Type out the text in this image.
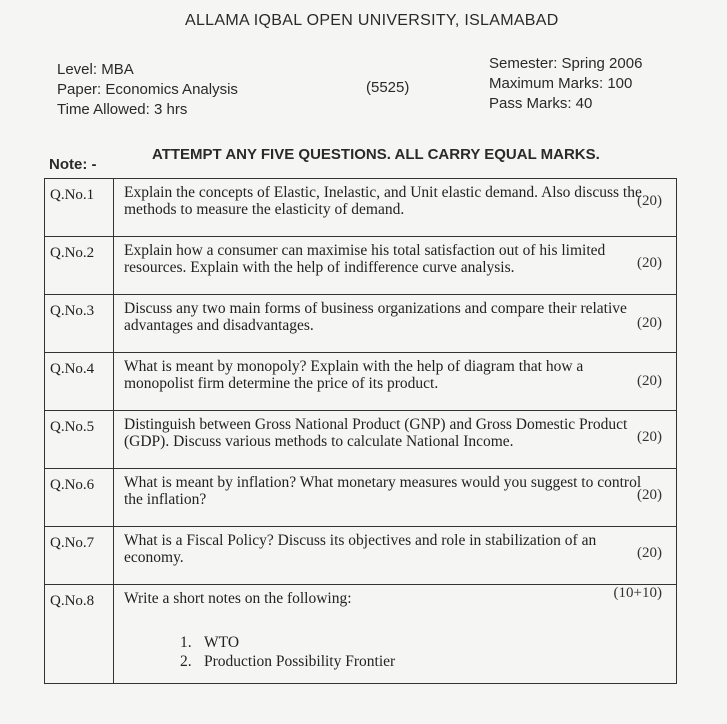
ALLAMA IQBAL OPEN UNIVERSITY, ISLAMABAD
Level: MBA
Paper: Economics Analysis
Time Allowed: 3 hrs
(5525)
Semester: Spring 2006
Maximum Marks: 100
Pass Marks: 40
Note: -
ATTEMPT ANY FIVE QUESTIONS. ALL CARRY EQUAL MARKS.
Q.No.1	Explain the concepts of Elastic, Inelastic, and Unit elastic demand. Also discuss the methods to measure the elasticity of demand.	(20)
Q.No.2	Explain how a consumer can maximise his total satisfaction out of his limited resources. Explain with the help of indifference curve analysis.	(20)
Q.No.3	Discuss any two main forms of business organizations and compare their relative advantages and disadvantages.	(20)
Q.No.4	What is meant by monopoly? Explain with the help of diagram that how a monopolist firm determine the price of its product.	(20)
Q.No.5	Distinguish between Gross National Product (GNP) and Gross Domestic Product (GDP). Discuss various methods to calculate National Income.	(20)
Q.No.6	What is meant by inflation? What monetary measures would you suggest to control the inflation?	(20)
Q.No.7	What is a Fiscal Policy? Discuss its objectives and role in stabilization of an economy.	(20)
Q.No.8	Write a short notes on the following:	(10+10)
1. WTO
2. Production Possibility Frontier
